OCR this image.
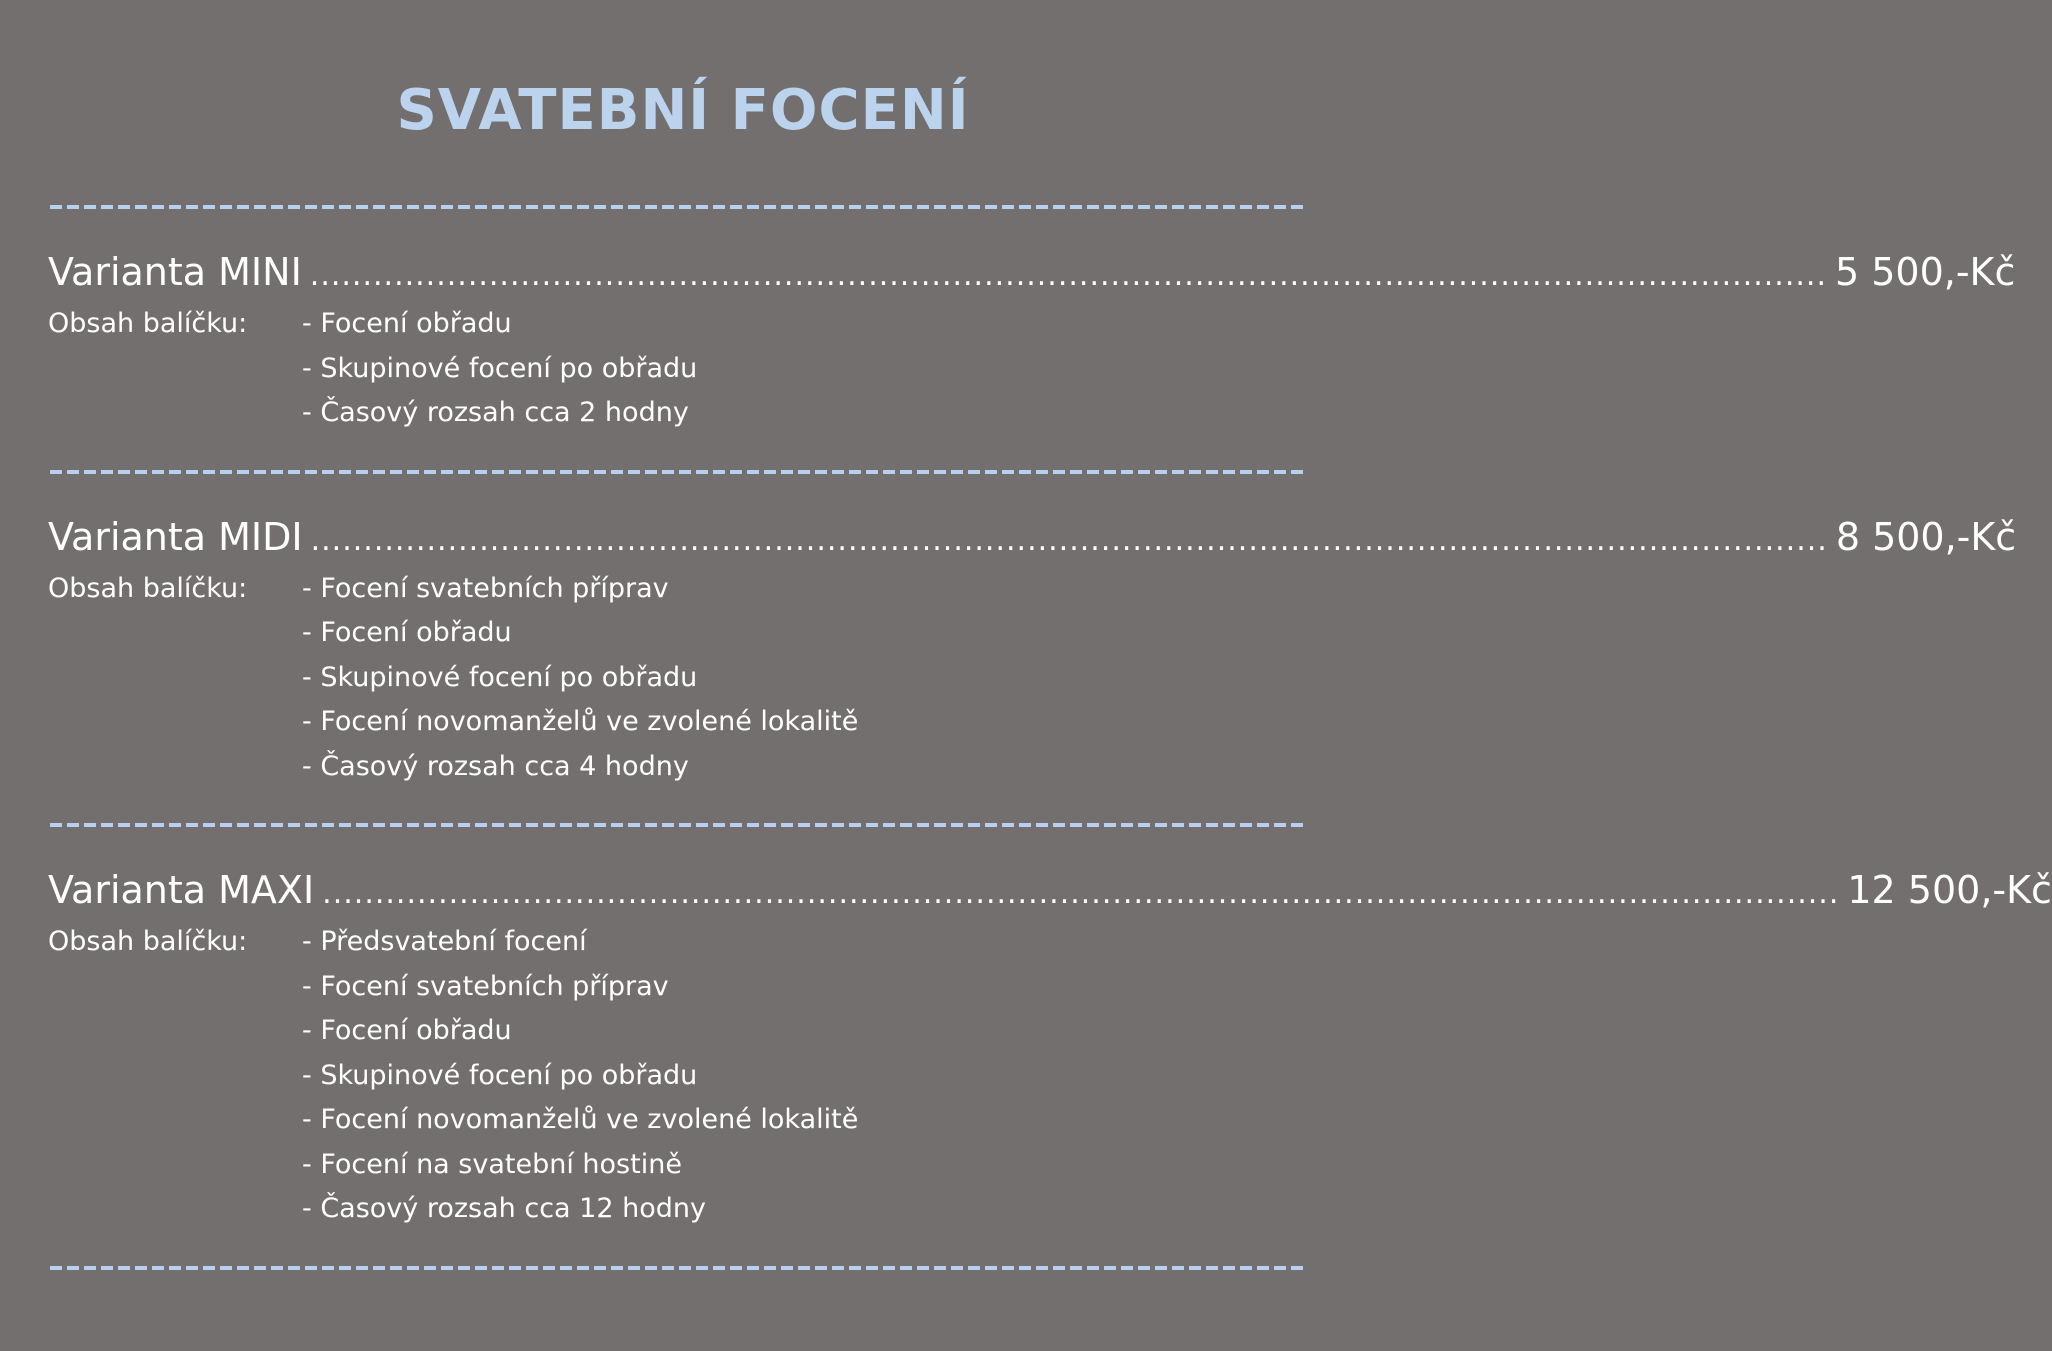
SVATEBNÍ FOCENÍ
Varianta MINI ................................................................................................................................................ 5 500,-Kč
Obsah balíčku:	- Focení obřadu
- Skupinové focení po obřadu
- Časový rozsah cca 2 hodny
Varianta MIDI ................................................................................................................................................ 8 500,-Kč
Obsah balíčku:	- Focení svatebních příprav
- Focení obřadu
- Skupinové focení po obřadu
- Focení novomanželů ve zvolené lokalitě
- Časový rozsah cca 4 hodny
Varianta MAXI ................................................................................................................................................ 12 500,-Kč
Obsah balíčku:	- Předsvatební focení
- Focení svatebních příprav
- Focení obřadu
- Skupinové focení po obřadu
- Focení novomanželů ve zvolené lokalitě
- Focení na svatební hostině
- Časový rozsah cca 12 hodny
